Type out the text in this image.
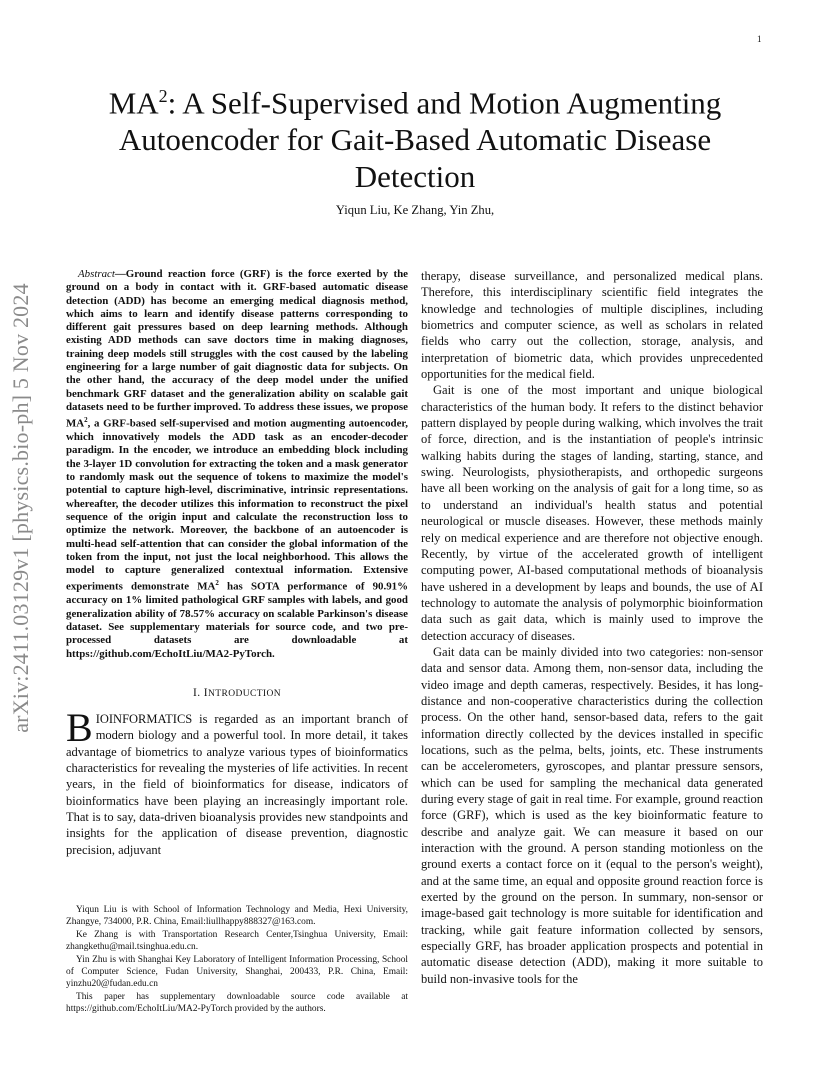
1
arXiv:2411.03129v1 [physics.bio-ph] 5 Nov 2024
$MA^2$: A Self-Supervised and Motion Augmenting Autoencoder for Gait-Based Automatic Disease Detection
Yiqun Liu, Ke Zhang, Yin Zhu,

Abstract—Ground reaction force (GRF) is the force exerted by the ground on a body in contact with it. GRF-based automatic disease detection (ADD) has become an emerging medical diagnosis method, which aims to learn and identify disease patterns corresponding to different gait pressures based on deep learning methods. Although existing ADD methods can save doctors time in making diagnoses, training deep models still struggles with the cost caused by the labeling engineering for a large number of gait diagnostic data for subjects. On the other hand, the accuracy of the deep model under the unified benchmark GRF dataset and the generalization ability on scalable gait datasets need to be further improved. To address these issues, we propose $MA^2$, a GRF-based self-supervised and motion augmenting autoencoder, which innovatively models the ADD task as an encoder-decoder paradigm. In the encoder, we introduce an embedding block including the 3-layer 1D convolution for extracting the token and a mask generator to randomly mask out the sequence of tokens to maximize the model's potential to capture high-level, discriminative, intrinsic representations. whereafter, the decoder utilizes this information to reconstruct the pixel sequence of the origin input and calculate the reconstruction loss to optimize the network. Moreover, the backbone of an autoencoder is multi-head self-attention that can consider the global information of the token from the input, not just the local neighborhood. This allows the model to capture generalized contextual information. Extensive experiments demonstrate $MA^2$ has SOTA performance of 90.91% accuracy on 1% limited pathological GRF samples with labels, and good generalization ability of 78.57% accuracy on scalable Parkinson's disease dataset. See supplementary materials for source code, and two pre-processed datasets are downloadable at https://github.com/EchoItLiu/MA2-PyTorch.

I. INTRODUCTION

BIOINFORMATICS is regarded as an important branch of modern biology and a powerful tool. In more detail, it takes advantage of biometrics to analyze various types of bioinformatics characteristics for revealing the mysteries of life activities. In recent years, in the field of bioinformatics for disease, indicators of bioinformatics have been playing an increasingly important role. That is to say, data-driven bioanalysis provides new standpoints and insights for the application of disease prevention, diagnostic precision, adjuvant

therapy, disease surveillance, and personalized medical plans. Therefore, this interdisciplinary scientific field integrates the knowledge and technologies of multiple disciplines, including biometrics and computer science, as well as scholars in related fields who carry out the collection, storage, analysis, and interpretation of biometric data, which provides unprecedented opportunities for the medical field.

Gait is one of the most important and unique biological characteristics of the human body. It refers to the distinct behavior pattern displayed by people during walking, which involves the trait of force, direction, and is the instantiation of people's intrinsic walking habits during the stages of landing, starting, stance, and swing. Neurologists, physiotherapists, and orthopedic surgeons have all been working on the analysis of gait for a long time, so as to understand an individual's health status and potential neurological or muscle diseases. However, these methods mainly rely on medical experience and are therefore not objective enough. Recently, by virtue of the accelerated growth of intelligent computing power, AI-based computational methods of bioanalysis have ushered in a development by leaps and bounds, the use of AI technology to automate the analysis of polymorphic bioinformation data such as gait data, which is mainly used to improve the detection accuracy of diseases.

Gait data can be mainly divided into two categories: non-sensor data and sensor data. Among them, non-sensor data, including the video image and depth cameras, respectively. Besides, it has long-distance and non-cooperative characteristics during the collection process. On the other hand, sensor-based data, refers to the gait information directly collected by the devices installed in specific locations, such as the pelma, belts, joints, etc. These instruments can be accelerometers, gyroscopes, and plantar pressure sensors, which can be used for sampling the mechanical data generated during every stage of gait in real time. For example, ground reaction force (GRF), which is used as the key bioinformatic feature to describe and analyze gait. We can measure it based on our interaction with the ground. A person standing motionless on the ground exerts a contact force on it (equal to the person's weight), and at the same time, an equal and opposite ground reaction force is exerted by the ground on the person. In summary, non-sensor or image-based gait technology is more suitable for identification and tracking, while gait feature information collected by sensors, especially GRF, has broader application prospects and potential in automatic disease detection (ADD), making it more suitable to build non-invasive tools for the

Yiqun Liu is with School of Information Technology and Media, Hexi University, Zhangye, 734000, P.R. China, Email:liullhappy888327@163.com.

Ke Zhang is with Transportation Research Center,Tsinghua University, Email: zhangkethu@mail.tsinghua.edu.cn.

Yin Zhu is with Shanghai Key Laboratory of Intelligent Information Processing, School of Computer Science, Fudan University, Shanghai, 200433, P.R. China, Email: yinzhu20@fudan.edu.cn

This paper has supplementary downloadable source code available at https://github.com/EchoItLiu/MA2-PyTorch provided by the authors.
